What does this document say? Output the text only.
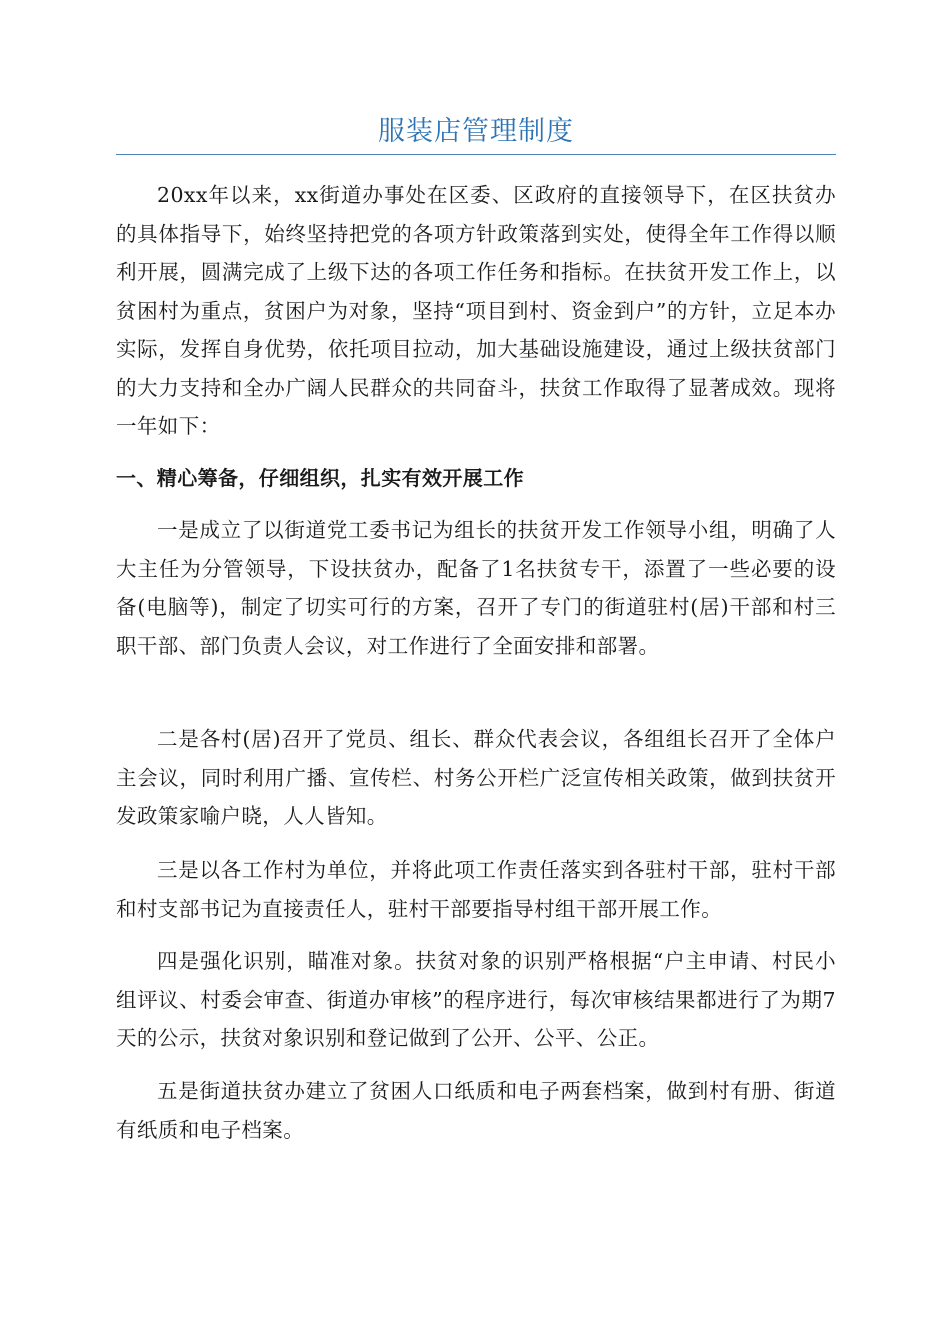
服装店管理制度

20xx年以来，xx街道办事处在区委、区政府的直接领导下，在区扶贫办的具体指导下，始终坚持把党的各项方针政策落到实处，使得全年工作得以顺利开展，圆满完成了上级下达的各项工作任务和指标。在扶贫开发工作上，以贫困村为重点，贫困户为对象，坚持“项目到村、资金到户”的方针，立足本办实际，发挥自身优势，依托项目拉动，加大基础设施建设，通过上级扶贫部门的大力支持和全办广阔人民群众的共同奋斗，扶贫工作取得了显著成效。现将一年如下：

一、精心筹备，仔细组织，扎实有效开展工作

一是成立了以街道党工委书记为组长的扶贫开发工作领导小组，明确了人大主任为分管领导，下设扶贫办，配备了1名扶贫专干，添置了一些必要的设备(电脑等)，制定了切实可行的方案，召开了专门的街道驻村(居)干部和村三职干部、部门负责人会议，对工作进行了全面安排和部署。

二是各村(居)召开了党员、组长、群众代表会议，各组组长召开了全体户主会议，同时利用广播、宣传栏、村务公开栏广泛宣传相关政策，做到扶贫开发政策家喻户晓，人人皆知。

三是以各工作村为单位，并将此项工作责任落实到各驻村干部，驻村干部和村支部书记为直接责任人，驻村干部要指导村组干部开展工作。

四是强化识别，瞄准对象。扶贫对象的识别严格根据“户主申请、村民小组评议、村委会审查、街道办审核”的程序进行，每次审核结果都进行了为期7天的公示，扶贫对象识别和登记做到了公开、公平、公正。

五是街道扶贫办建立了贫困人口纸质和电子两套档案，做到村有册、街道有纸质和电子档案。
